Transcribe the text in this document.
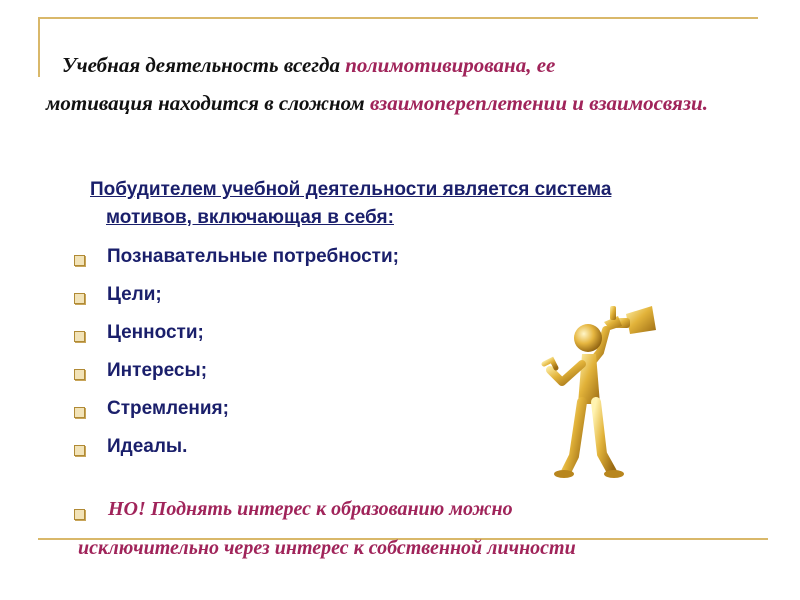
Учебная деятельность всегда полимотивирована, ее
мотивация находится в сложном взаимопереплетении и взаимосвязи.
Побудителем учебной деятельности является система
мотивов, включающая в себя:
Познавательные потребности;
Цели;
Ценности;
Интересы;
Стремления;
Идеалы.
НО! Поднять интерес к образованию можно
исключительно через интерес к собственной личности
